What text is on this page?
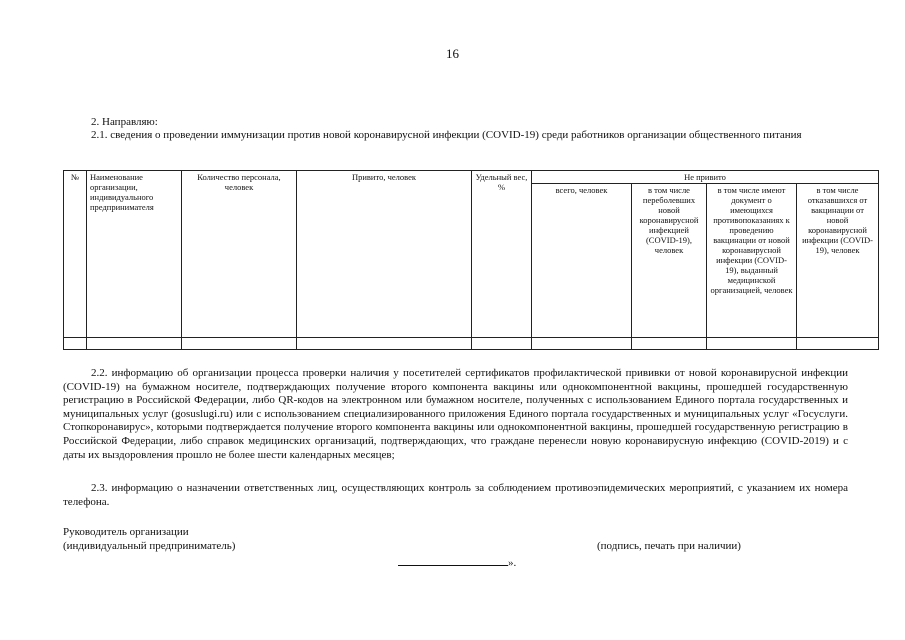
16
2. Направляю:
2.1. сведения о проведении иммунизации против новой коронавирусной инфекции (COVID-19) среди работников организации общественного питания
№	Наименование организации, индивидуального предпринимателя	Количество персонала, человек	Привито, человек	Удельный вес, %	Не привито			
					всего, человек	в том числе переболевших новой коронавирусной инфекцией (COVID-19), человек	в том числе имеют документ о имеющихся противопоказаниях к проведению вакцинации от новой коронавирусной инфекции (COVID-19), выданный медицинской организацией, человек	в том числе отказавшихся от вакцинации от новой коронавирусной инфекции (COVID-19), человек

2.2. информацию об организации процесса проверки наличия у посетителей сертификатов профилактической прививки от новой коронавирусной инфекции (COVID-19) на бумажном носителе, подтверждающих получение второго компонента вакцины или однокомпонентной вакцины, прошедшей государственную регистрацию в Российской Федерации, либо QR-кодов на электронном или бумажном носителе, полученных с использованием Единого портала государственных и муниципальных услуг (gosuslugi.ru) или с использованием специализированного приложения Единого портала государственных и муниципальных услуг «Госуслуги. Стопкоронавирус», которыми подтверждается получение второго компонента вакцины или однокомпонентной вакцины, прошедшей государственную регистрацию в Российской Федерации, либо справок медицинских организаций, подтверждающих, что граждане перенесли новую коронавирусную инфекцию (COVID-2019) и с даты их выздоровления прошло не более шести календарных месяцев;
2.3. информацию о назначении ответственных лиц, осуществляющих контроль за соблюдением противоэпидемических мероприятий, с указанием их номера телефона.
Руководитель организации
(индивидуальный предприниматель)	(подпись, печать при наличии)
».
